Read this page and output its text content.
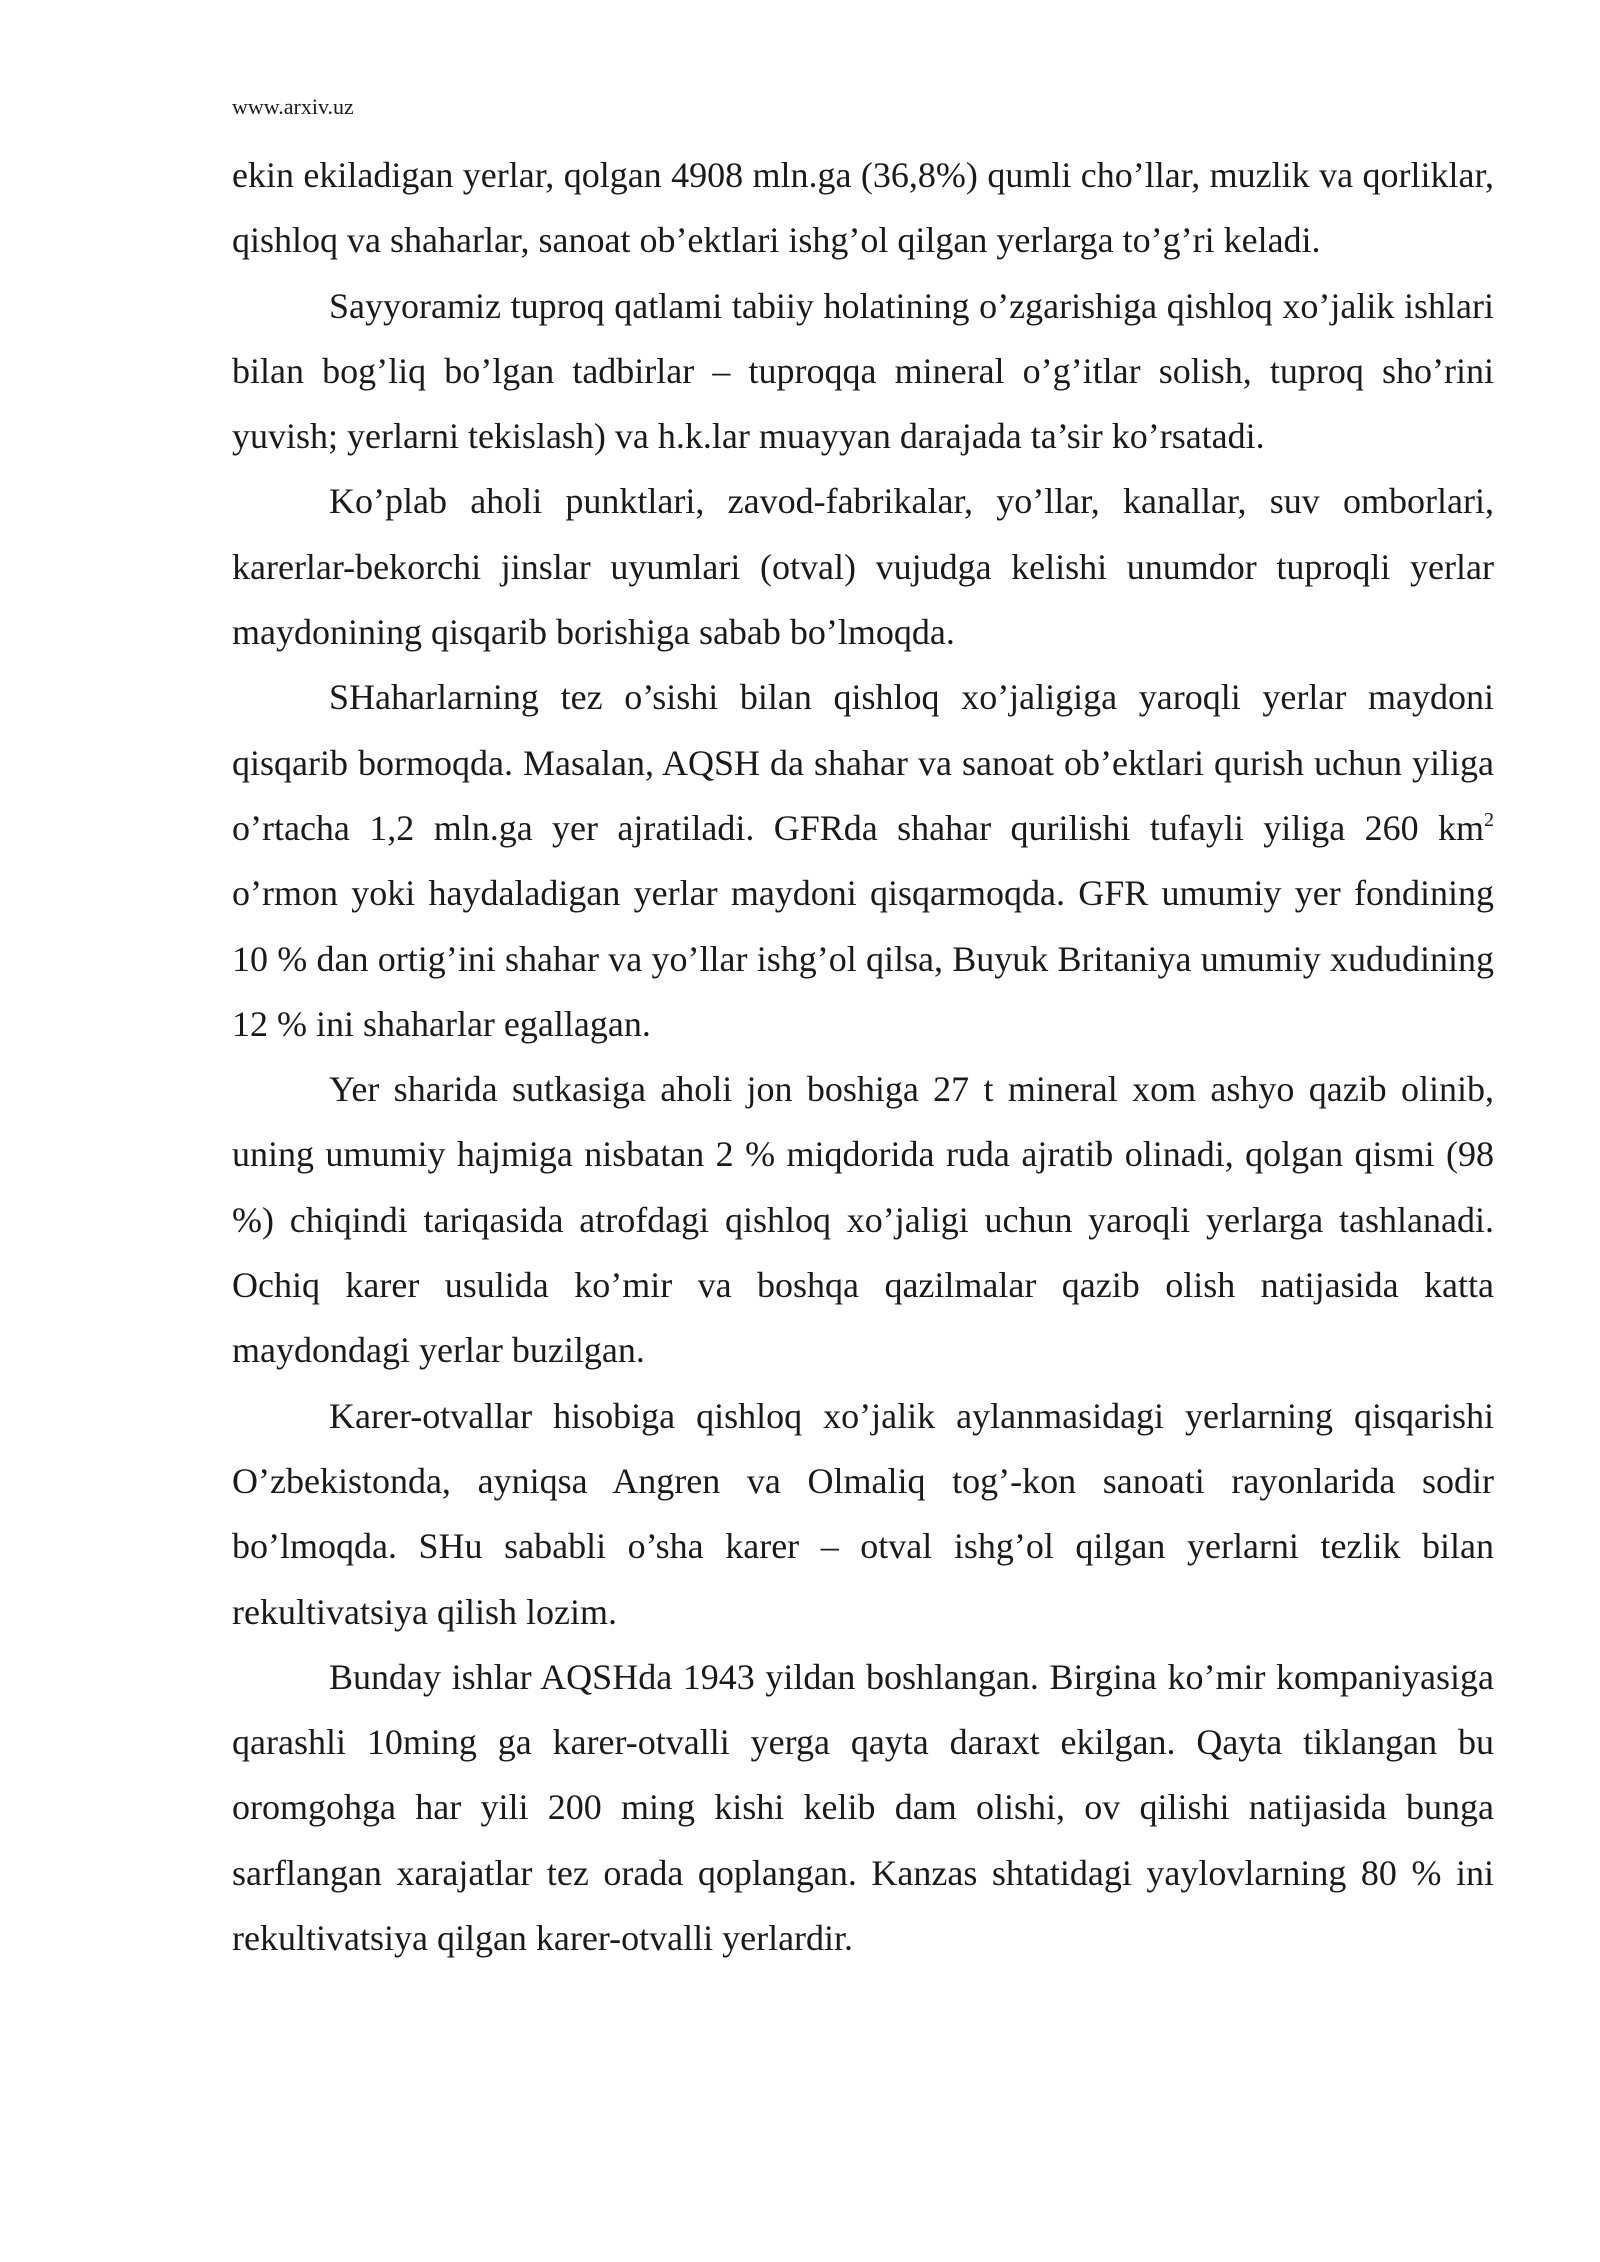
www.arxiv.uz

ekin ekiladigan yerlar, qolgan 4908 mln.ga (36,8%) qumli cho’llar, muzlik va qorliklar, qishloq va shaharlar, sanoat ob’ektlari ishg’ol qilgan yerlarga to’g’ri keladi.

Sayyoramiz tuproq qatlami tabiiy holatining o’zgarishiga qishloq xo’jalik ishlari bilan bog’liq bo’lgan tadbirlar – tuproqqa mineral o’g’itlar solish, tuproq sho’rini yuvish; yerlarni tekislash) va h.k.lar muayyan darajada ta’sir ko’rsatadi.

Ko’plab aholi punktlari, zavod-fabrikalar, yo’llar, kanallar, suv omborlari, karerlar-bekorchi jinslar uyumlari (otval) vujudga kelishi unumdor tuproqli yerlar maydonining qisqarib borishiga sabab bo’lmoqda.

SHaharlarning tez o’sishi bilan qishloq xo’jaligiga yaroqli yerlar maydoni qisqarib bormoqda. Masalan, AQSH da shahar va sanoat ob’ektlari qurish uchun yiliga o’rtacha 1,2 mln.ga yer ajratiladi. GFRda shahar qurilishi tufayli yiliga 260 $km^2$ o’rmon yoki haydaladigan yerlar maydoni qisqarmoqda. GFR umumiy yer fondining 10 % dan ortig’ini shahar va yo’llar ishg’ol qilsa, Buyuk Britaniya umumiy xududining 12 % ini shaharlar egallagan.

Yer sharida sutkasiga aholi jon boshiga 27 t mineral xom ashyo qazib olinib, uning umumiy hajmiga nisbatan 2 % miqdorida ruda ajratib olinadi, qolgan qismi (98 %) chiqindi tariqasida atrofdagi qishloq xo’jaligi uchun yaroqli yerlarga tashlanadi. Ochiq karer usulida ko’mir va boshqa qazilmalar qazib olish natijasida katta maydondagi yerlar buzilgan.

Karer-otvallar hisobiga qishloq xo’jalik aylanmasidagi yerlarning qisqarishi O’zbekistonda, ayniqsa Angren va Olmaliq tog’-kon sanoati rayonlarida sodir bo’lmoqda. SHu sababli o’sha karer – otval ishg’ol qilgan yerlarni tezlik bilan rekultivatsiya qilish lozim.

Bunday ishlar AQSHda 1943 yildan boshlangan. Birgina ko’mir kompaniyasiga qarashli 10ming ga karer-otvalli yerga qayta daraxt ekilgan. Qayta tiklangan bu oromgohga har yili 200 ming kishi kelib dam olishi, ov qilishi natijasida bunga sarflangan xarajatlar tez orada qoplangan. Kanzas shtatidagi yaylovlarning 80 % ini rekultivatsiya qilgan karer-otvalli yerlardir.
